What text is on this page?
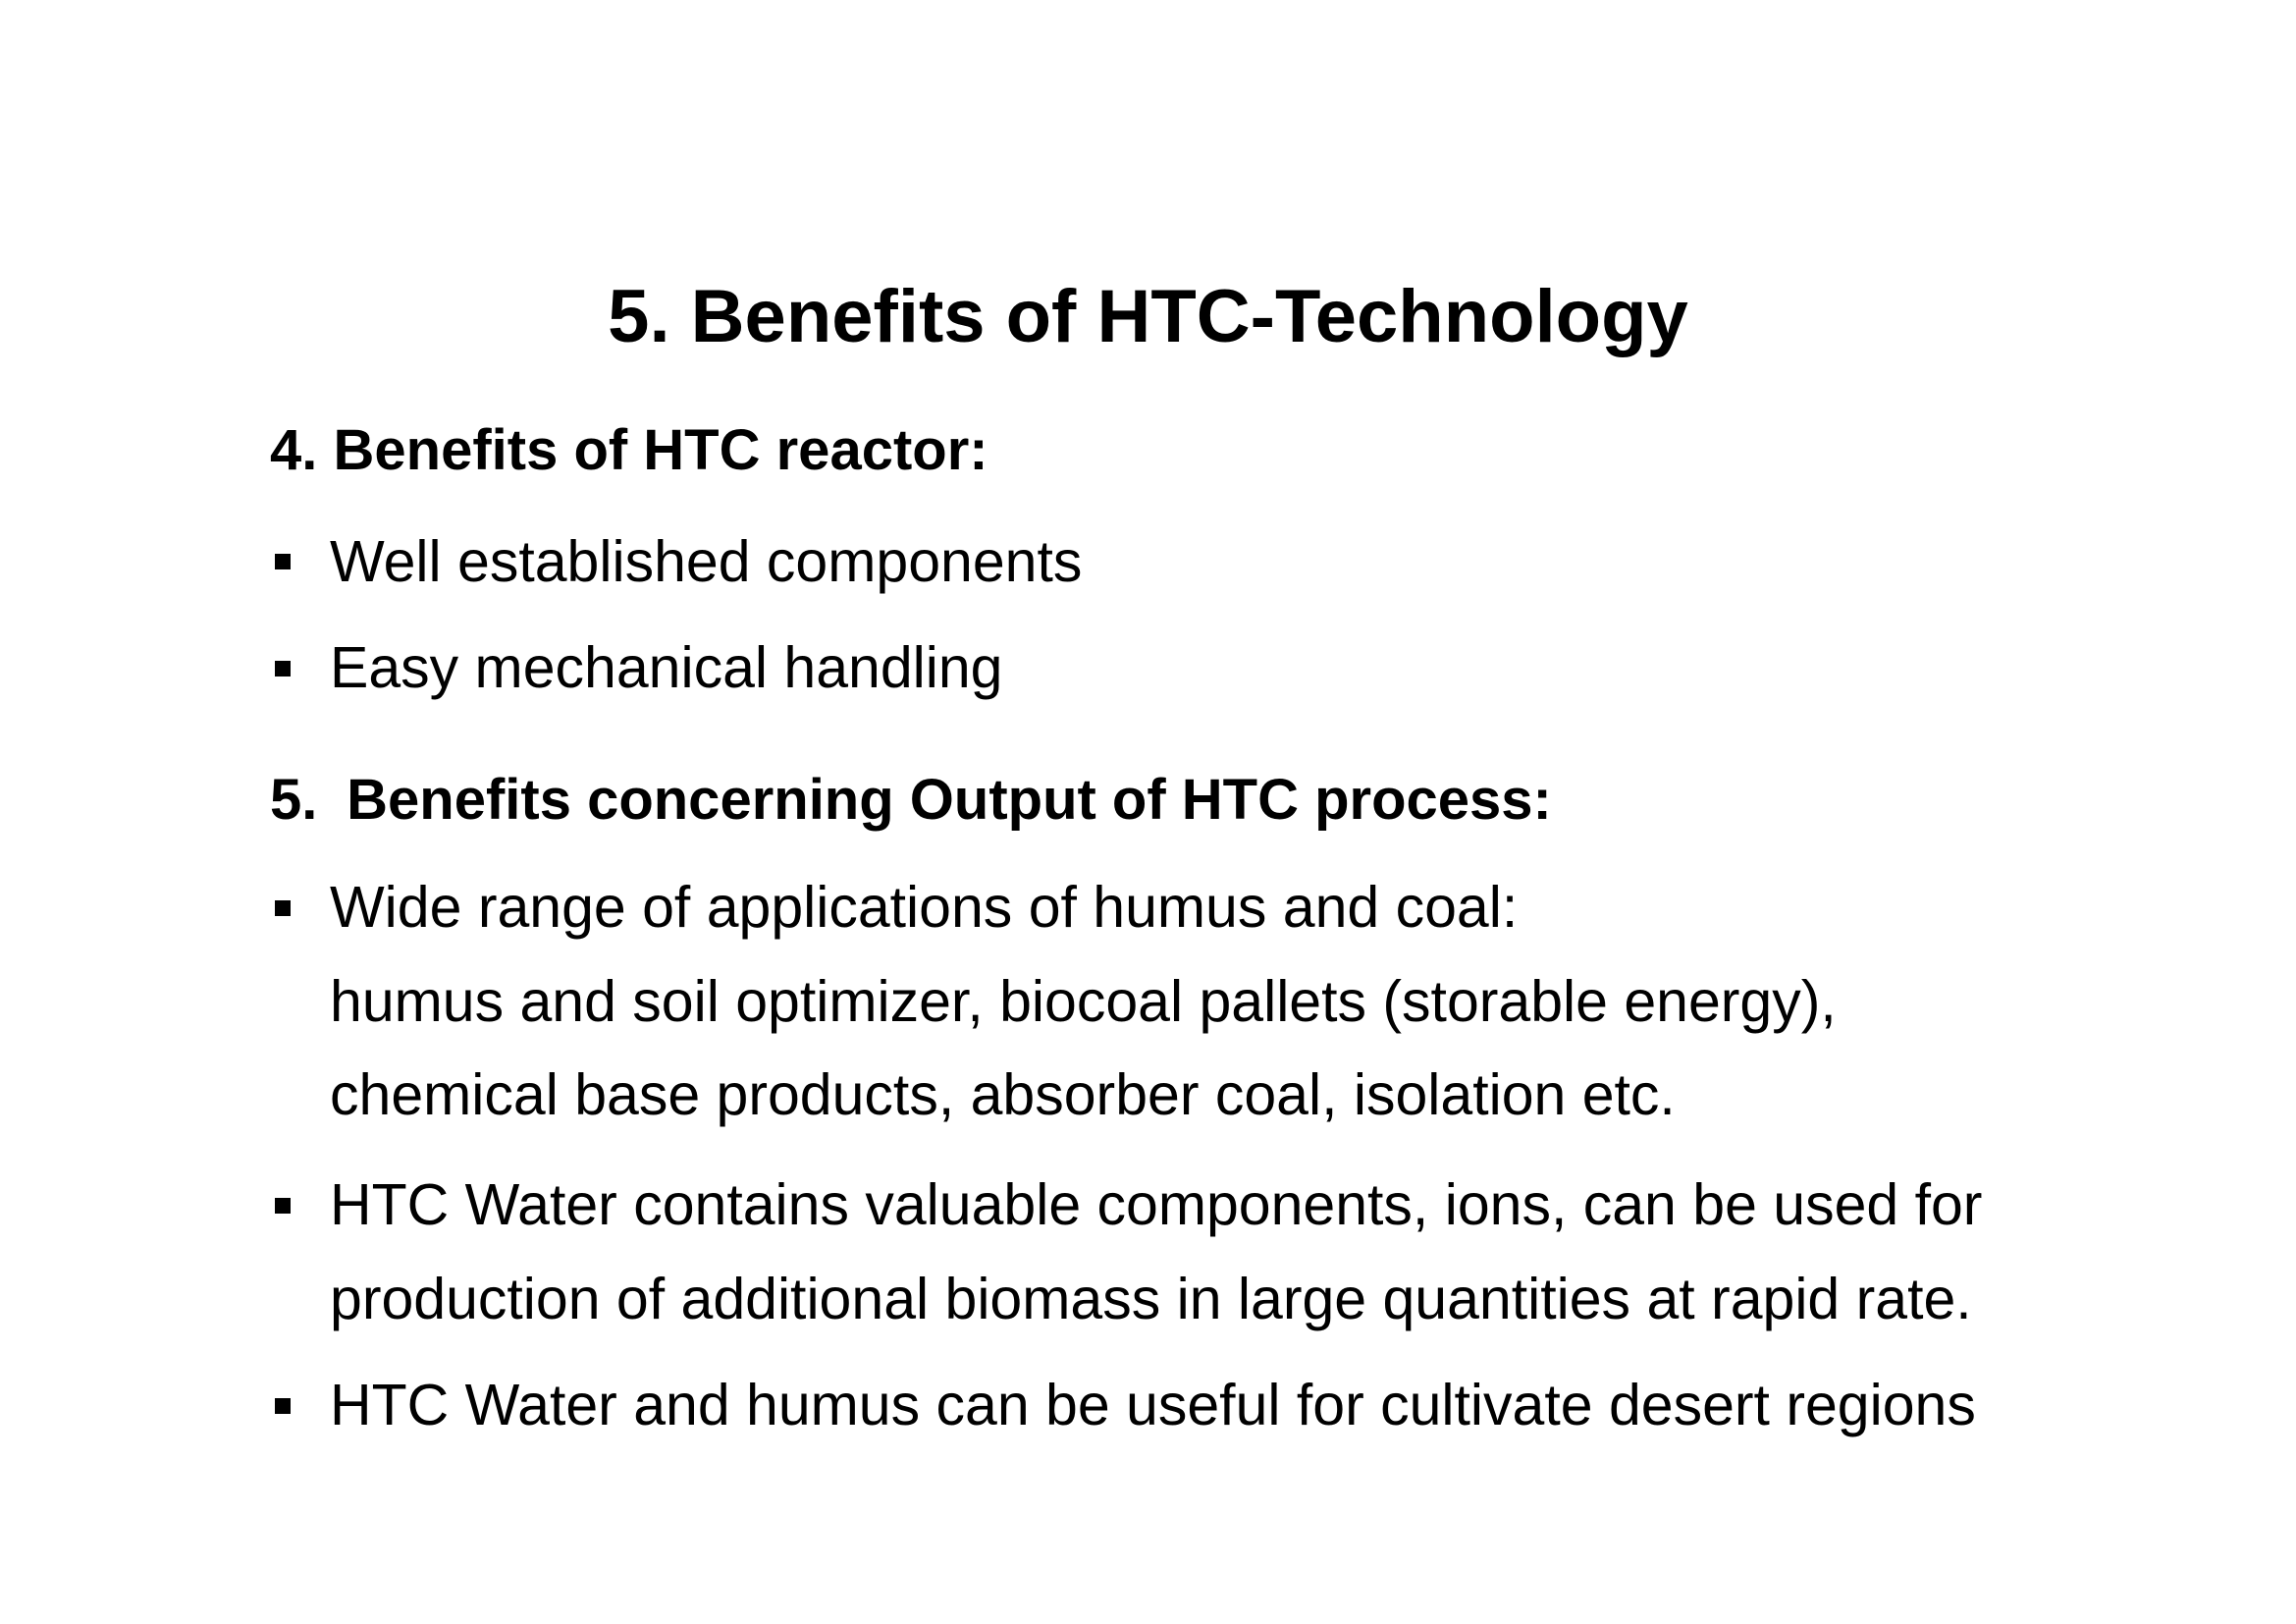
5. Benefits of HTC-Technology
4. Benefits of HTC reactor:
Well established components
Easy mechanical handling
5. Benefits concerning Output of HTC process:
Wide range of applications of humus and coal:
humus and soil optimizer, biocoal pallets (storable energy),
chemical base products, absorber coal, isolation etc.
HTC Water contains valuable components, ions, can be used for
production of additional biomass in large quantities at rapid rate.
HTC Water and humus can be useful for cultivate desert regions
